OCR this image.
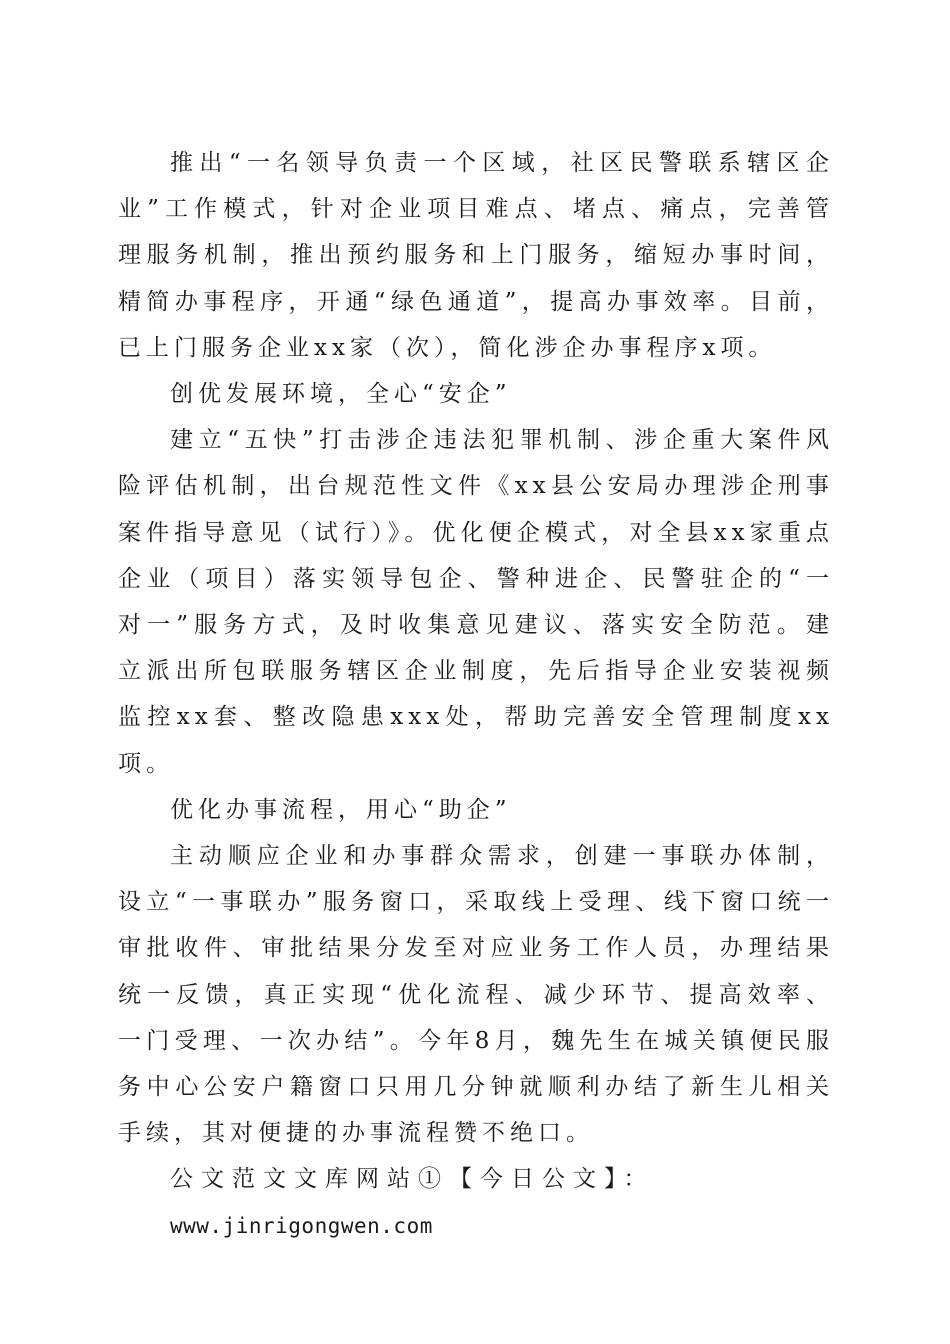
推出“一名领导负责一个区域，社区民警联系辖区企业”工作模式，针对企业项目难点、堵点、痛点，完善管理服务机制，推出预约服务和上门服务，缩短办事时间，精简办事程序，开通“绿色通道”，提高办事效率。目前，已上门服务企业xx家（次），简化涉企办事程序x项。

创优发展环境，全心“安企”

建立“五快”打击涉企违法犯罪机制、涉企重大案件风险评估机制，出台规范性文件《xx县公安局办理涉企刑事案件指导意见（试行）》。优化便企模式，对全县xx家重点企业（项目）落实领导包企、警种进企、民警驻企的“一对一”服务方式，及时收集意见建议、落实安全防范。建立派出所包联服务辖区企业制度，先后指导企业安装视频监控xx套、整改隐患xxx处，帮助完善安全管理制度xx项。

优化办事流程，用心“助企”

主动顺应企业和办事群众需求，创建一事联办体制，设立“一事联办”服务窗口，采取线上受理、线下窗口统一审批收件、审批结果分发至对应业务工作人员，办理结果统一反馈，真正实现“优化流程、减少环节、提高效率、一门受理、一次办结”。今年8月，魏先生在城关镇便民服务中心公安户籍窗口只用几分钟就顺利办结了新生儿相关手续，其对便捷的办事流程赞不绝口。

公文范文文库网站①【今日公文】：

www.jinrigongwen.com
